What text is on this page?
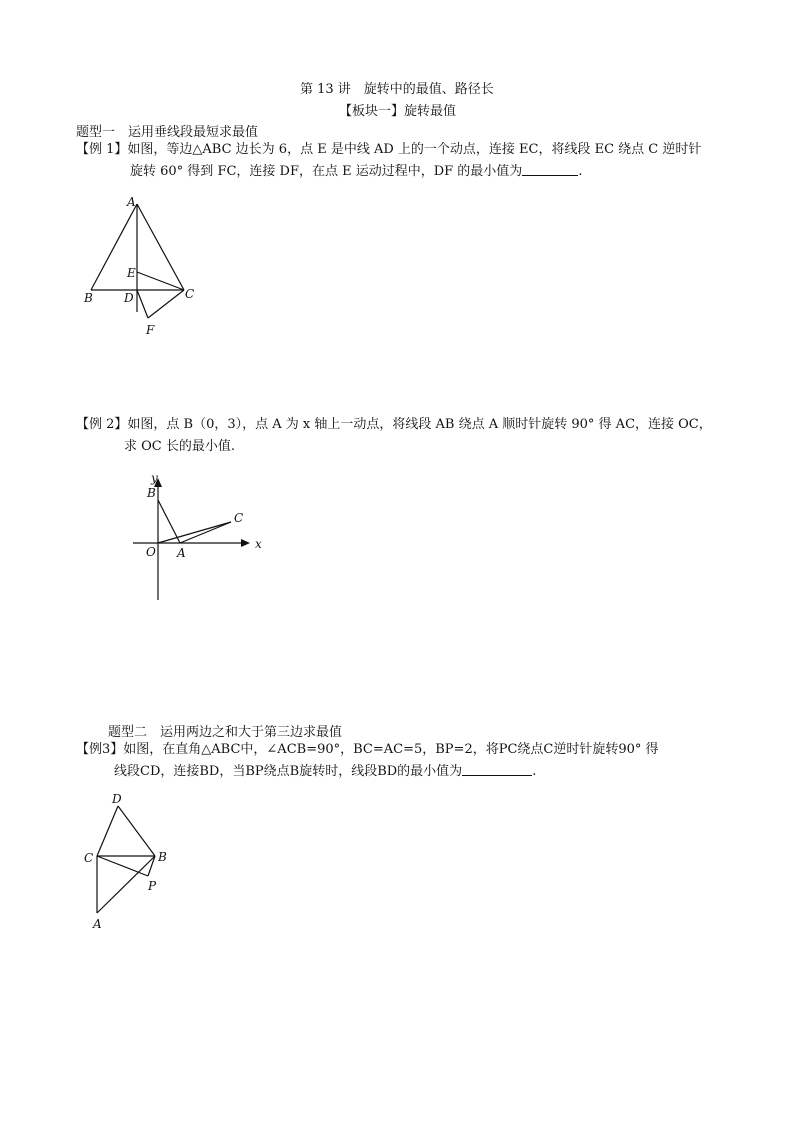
第 13 讲　旋转中的最值、路径长
【板块一】旋转最值
题型一　运用垂线段最短求最值
【例 1】如图，等边△ABC 边长为 6，点 E 是中线 AD 上的一个动点，连接 EC，将线段 EC 绕点 C 逆时针
旋转 60° 得到 FC，连接 DF，在点 E 运动过程中，DF 的最小值为	.
A
B	C
D
E
F
【例 2】如图，点 B（0，3），点 A 为 x 轴上一动点，将线段 AB 绕点 A 顺时针旋转 90° 得 AC，连接 OC，
求 OC 长的最小值.
y
x
B
O A
C
题型二　运用两边之和大于第三边求最值
【例3】如图，在直角△ABC中，∠ACB=90°，BC=AC=5，BP=2，将PC绕点C逆时针旋转90° 得
线段CD，连接BD，当BP绕点B旋转时，线段BD的最小值为	.
D
C	B
P
A
